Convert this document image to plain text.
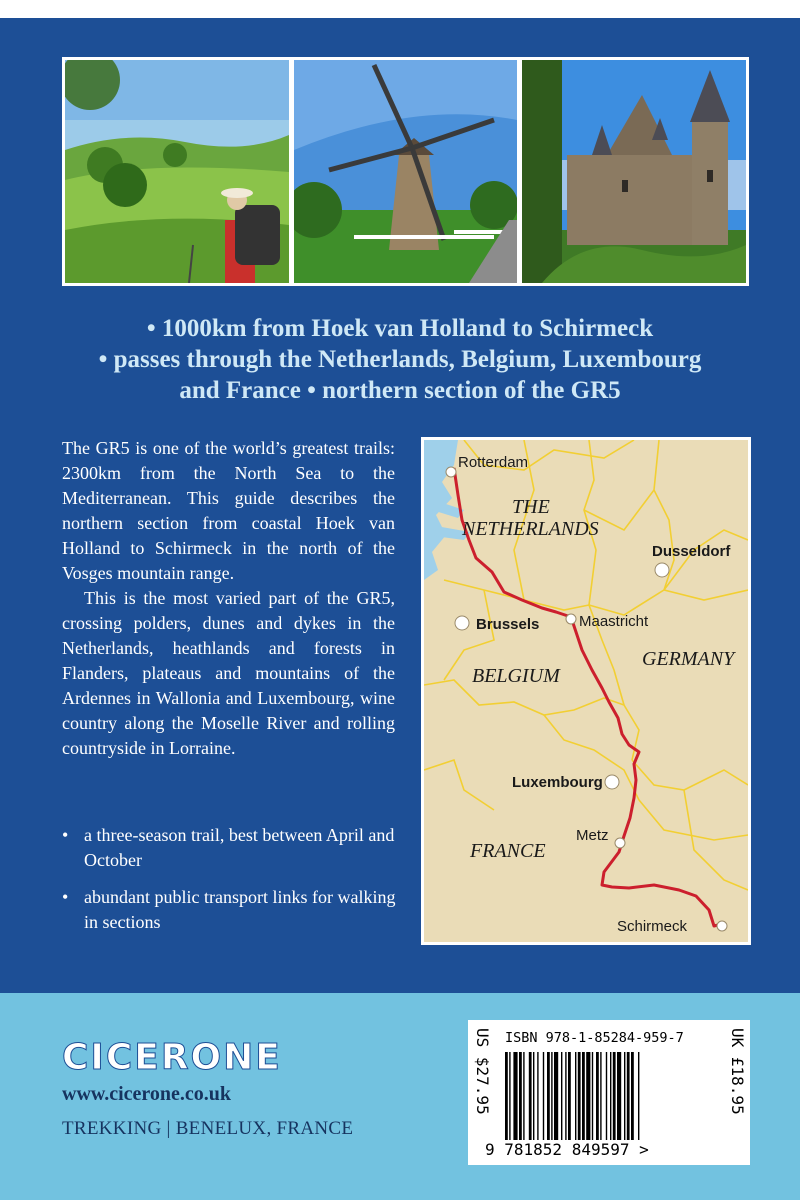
• 1000km from Hoek van Holland to Schirmeck
• passes through the Netherlands, Belgium, Luxembourg
and France • northern section of the GR5

The GR5 is one of the world’s greatest trails: 2300km from the North Sea to the Mediterranean. This guide describes the northern section from coastal Hoek van Holland to Schirmeck in the north of the Vosges mountain range.

This is the most varied part of the GR5, crossing polders, dunes and dykes in the Netherlands, heathlands and forests in Flanders, plateaus and mountains of the Ardennes in Wallonia and Luxembourg, wine country along the Moselle River and rolling countryside in Lorraine.

• a three-season trail, best between April and October
• abundant public transport links for walking in sections
THE
NETHERLANDS
BELGIUM
GERMANY
FRANCE
Rotterdam
Dusseldorf
Brussels	Maastricht
Luxembourg
Metz
Schirmeck
CICERONE
www.cicerone.co.uk
TREKKING | BENELUX, FRANCE
ISBN 978-1-85284-959-7
US $27.95	UK £18.95
9 781852 849597 >
